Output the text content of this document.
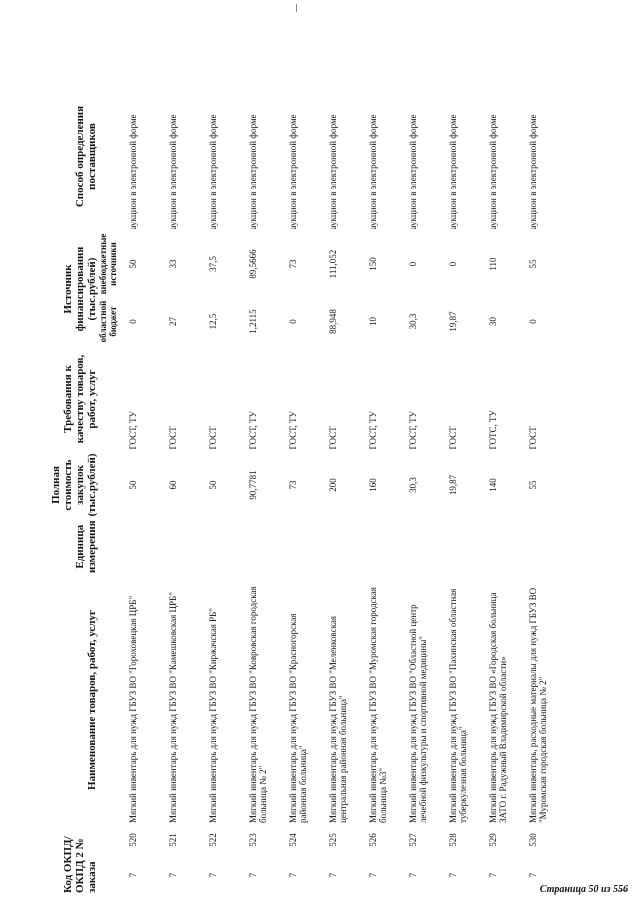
Код ОКПД/ ОКПД 2 № заказа		Наименование товаров, работ, услуг	Единица измерения	Полная стоимость закупок (тыс.рублей)	Требования к качеству товаров, работ, услуг	Источник финансирования (тыс.рублей)		Способ определения поставщиков
						областной бюджет	внебюджетные источники	
7	520	Мягкий инвентарь для нужд ГБУЗ ВО "Гороховецкая ЦРБ"		50	ГОСТ, ТУ	0	50	аукцион в электронной форме
7	521	Мягкий инвентарь для нужд ГБУЗ ВО "Камешковская ЦРБ"		60	ГОСТ	27	33	аукцион в электронной форме
7	522	Мягкий инвентарь для нужд ГБУЗ ВО "Киржачская РБ"		50	ГОСТ	12,5	37,5	аукцион в электронной форме
7	523	Мягкий инвентарь для нужд ГБУЗ ВО "Ковровская городская больница № 2"		90,7781	ГОСТ, ТУ	1,2115	89,5666	аукцион в электронной форме
7	524	Мягкий инвентарь для нужд ГБУЗ ВО "Красногорская районная больница"		73	ГОСТ, ТУ	0	73	аукцион в электронной форме
7	525	Мягкий инвентарь для нужд ГБУЗ ВО "Меленковская центральная районная больница"		200	ГОСТ	88,948	111,052	аукцион в электронной форме
7	526	Мягкий инвентарь для нужд ГБУЗ ВО "Муромская городская больница №3"		160	ГОСТ, ТУ	10	150	аукцион в электронной форме
7	527	Мягкий инвентарь для нужд ГБУЗ ВО "Областной центр лечебной физкультуры и спортивной медицины"		30,3	ГОСТ, ТУ	30,3	0	аукцион в электронной форме
7	528	Мягкий инвентарь для нужд ГБУЗ ВО "Пахинская областная туберкулезная больница"		19,87	ГОСТ	19,87	0	аукцион в электронной форме
7	529	Мягкий инвентарь для нужд ГБУЗ ВО «Городская больница ЗАТО г. Радужный Владимирской области»		140	ГОТС, ТУ	30	110	аукцион в электронной форме
7	530	Мягкий инвентарь, расходные материалы для нужд ГБУЗ ВО "Муромская городская больница № 2"		55	ГОСТ	0	55	аукцион в электронной форме
Страница 50 из 556
